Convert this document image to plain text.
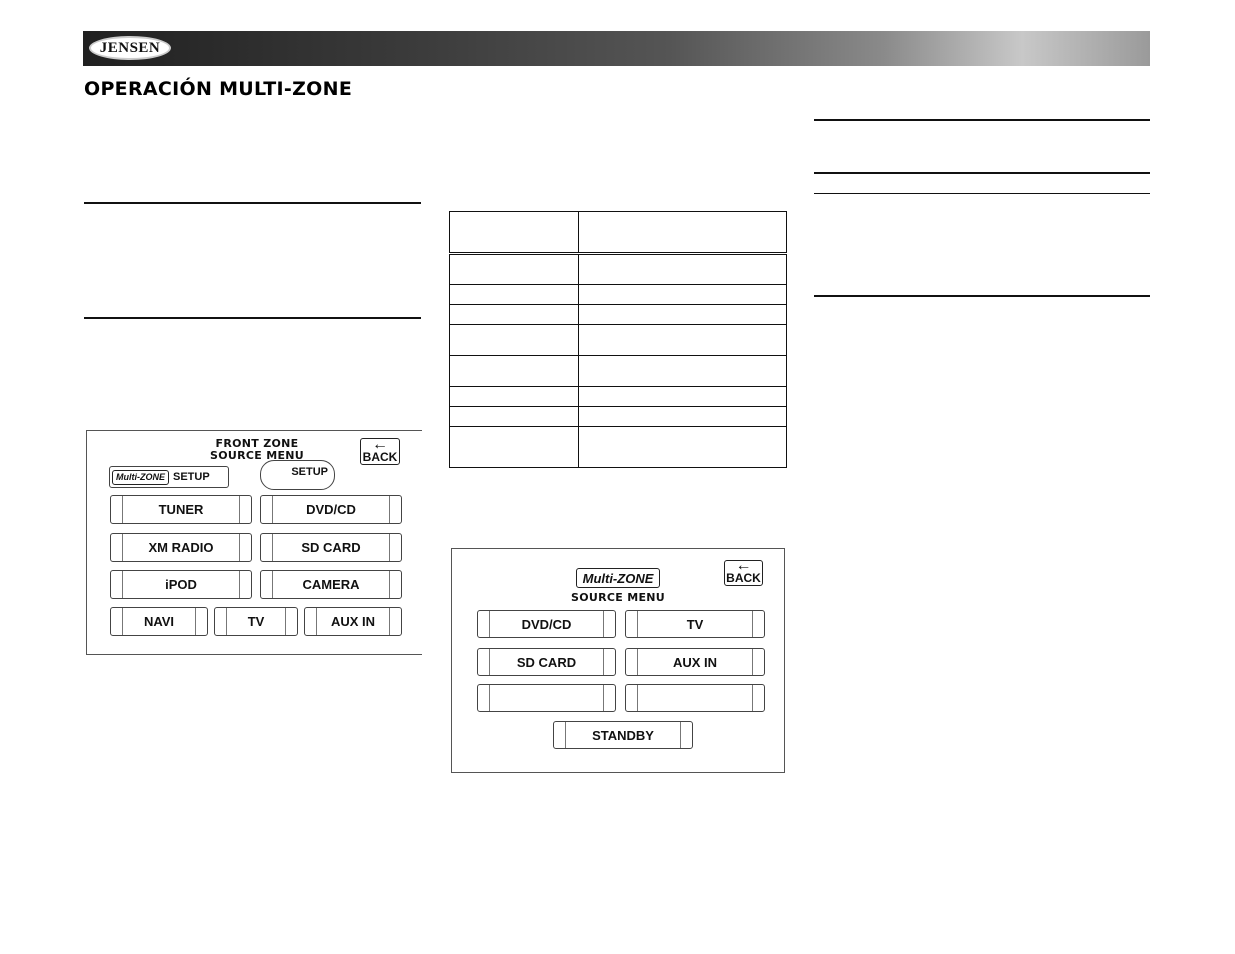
JENSEN
OPERACIÓN MULTI-ZONE
FRONT ZONE
SOURCE MENU
←
BACK
Multi-ZONE SETUP	SETUP
TUNER	DVD/CD
XM RADIO	SD CARD
iPOD	CAMERA
NAVI	TV	AUX IN

Multi-ZONE
SOURCE MENU
←
BACK
DVD/CD	TV
SD CARD	AUX IN
STANDBY
